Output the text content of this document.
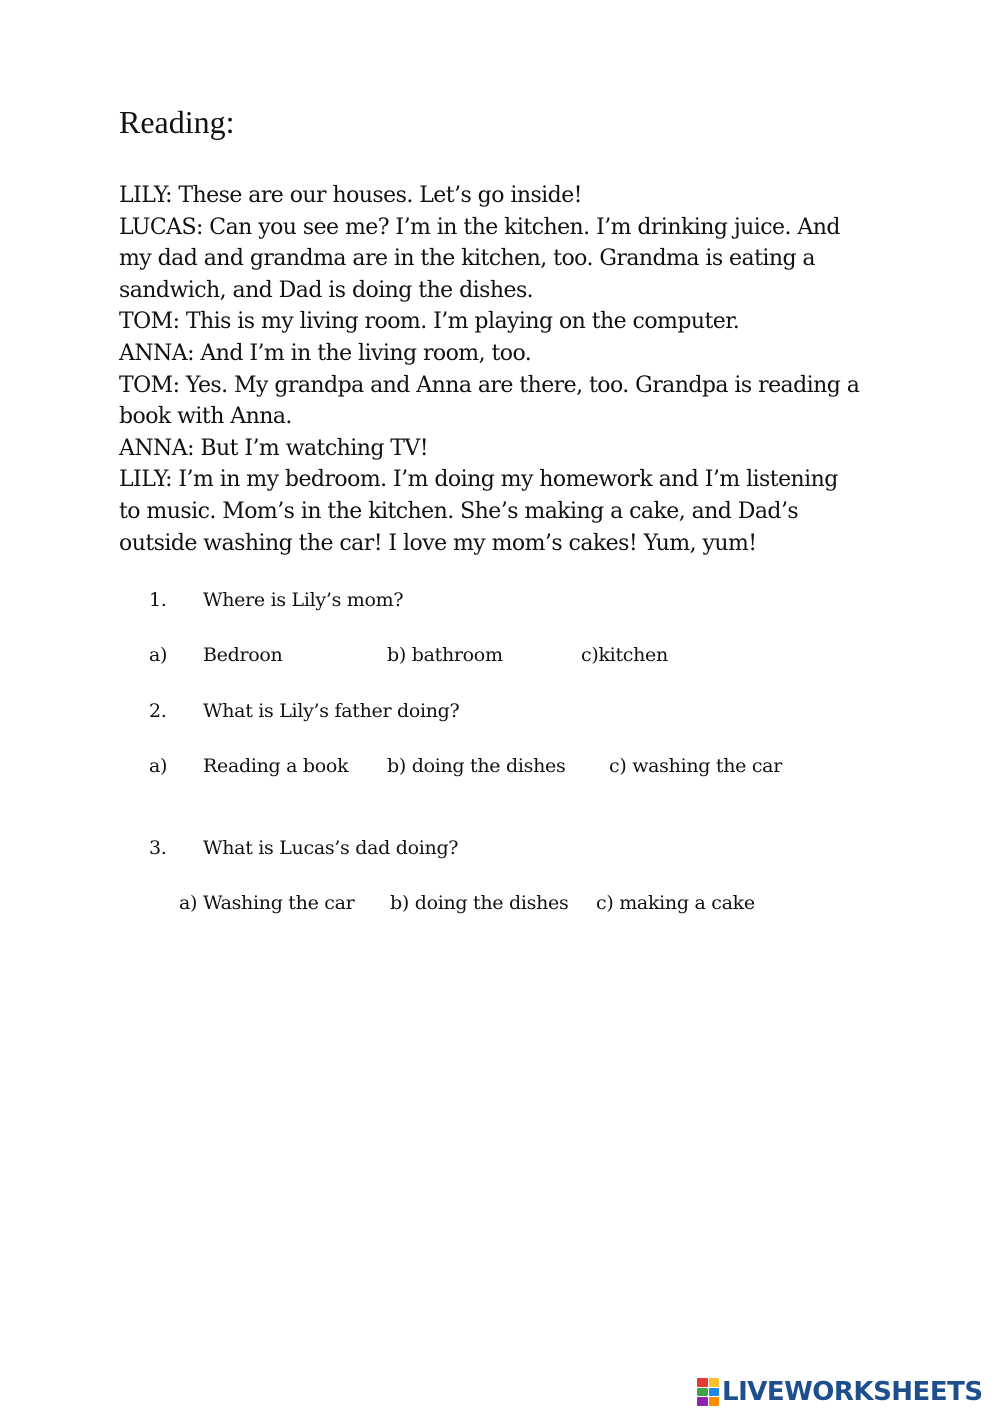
Reading:
LILY: These are our houses. Let’s go inside!
LUCAS: Can you see me? I’m in the kitchen. I’m drinking juice. And
my dad and grandma are in the kitchen, too. Grandma is eating a
sandwich, and Dad is doing the dishes.
TOM: This is my living room. I’m playing on the computer.
ANNA: And I’m in the living room, too.
TOM: Yes. My grandpa and Anna are there, too. Grandpa is reading a
book with Anna.
ANNA: But I’m watching TV!
LILY: I’m in my bedroom. I’m doing my homework and I’m listening
to music. Mom’s in the kitchen. She’s making a cake, and Dad’s
outside washing the car! I love my mom’s cakes! Yum, yum!
1. Where is Lily’s mom?
a) Bedroon	b) bathroom	c)kitchen
2. What is Lily’s father doing?
a) Reading a book b) doing the dishes c) washing the car
3. What is Lucas’s dad doing?
a) Washing the car b) doing the dishes c) making a cake
LIVEWORKSHEETS
